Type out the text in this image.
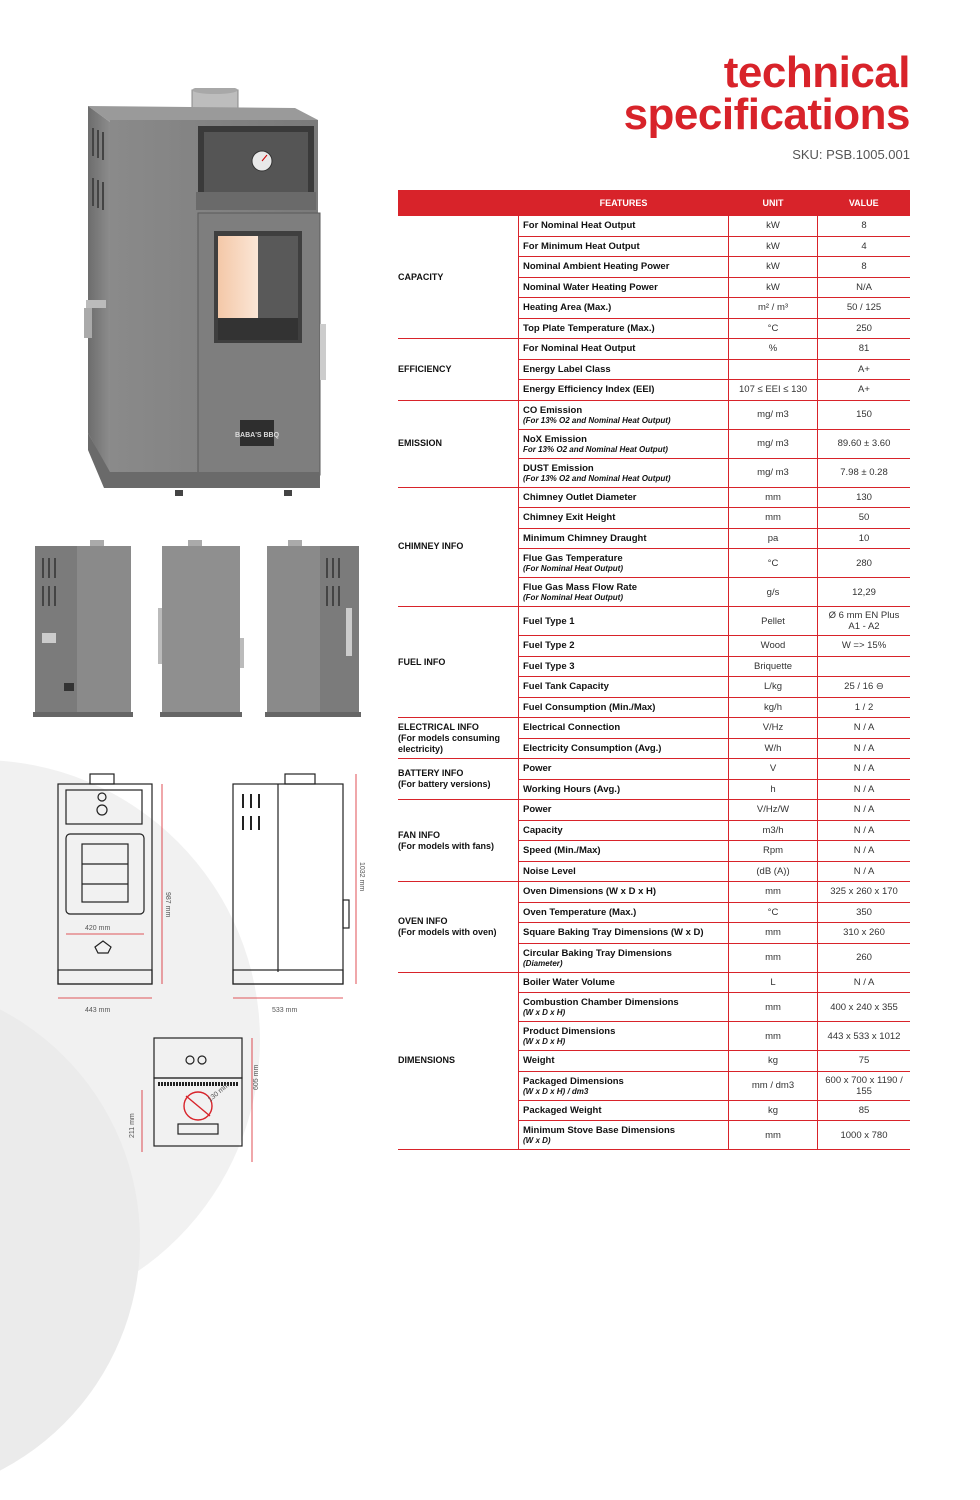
technical
specifications
SKU: PSB.1005.001
BABA'S BBQ
987 mm
420 mm
443 mm
1032 mm
533 mm
605 mm
211 mm
130 mm
	FEATURES	UNIT	VALUE
CAPACITY	For Nominal Heat Output	kW	8
	For Minimum Heat Output	kW	4
	Nominal Ambient Heating Power	kW	8
	Nominal Water Heating Power	kW	N/A
	Heating Area (Max.)	m² / m³	50 / 125
	Top Plate Temperature (Max.)	°C	250
EFFICIENCY	For Nominal Heat Output	%	81
	Energy Label Class		A+
	Energy Efficiency Index (EEI)	107 ≤ EEI ≤ 130	A+
EMISSION	CO Emission
(For 13% O2 and Nominal Heat Output)	mg/ m3	150
	NoX Emission
For 13% O2 and Nominal Heat Output)	mg/ m3	89.60 ± 3.60
	DUST Emission
(For 13% O2 and Nominal Heat Output)	mg/ m3	7.98 ± 0.28
CHIMNEY INFO	Chimney Outlet Diameter	mm	130
	Chimney Exit Height	mm	50
	Minimum Chimney Draught	pa	10
	Flue Gas Temperature
(For Nominal Heat Output)	°C	280
	Flue Gas Mass Flow Rate
(For Nominal Heat Output)	g/s	12,29
FUEL INFO	Fuel Type 1	Pellet	Ø 6 mm EN Plus A1 - A2
	Fuel Type 2	Wood	W => 15%
	Fuel Type 3	Briquette	
	Fuel Tank Capacity	L/kg	25 / 16 ⊖
	Fuel Consumption (Min./Max)	kg/h	1 / 2
ELECTRICAL INFO
(For models consuming electricity)	Electrical Connection	V/Hz	N / A
	Electricity Consumption (Avg.)	W/h	N / A
BATTERY INFO
(For battery versions)	Power	V	N / A
	Working Hours (Avg.)	h	N / A
FAN INFO
(For models with fans)	Power	V/Hz/W	N / A
	Capacity	m3/h	N / A
	Speed (Min./Max)	Rpm	N / A
	Noise Level	(dB (A))	N / A
OVEN INFO
(For models with oven)	Oven Dimensions (W x D x H)	mm	325 x 260 x 170
	Oven Temperature (Max.)	°C	350
	Square Baking Tray Dimensions (W x D)	mm	310 x 260
	Circular Baking Tray Dimensions
(Diameter)	mm	260
DIMENSIONS	Boiler Water Volume	L	N / A
	Combustion Chamber Dimensions
(W x D x H)	mm	400 x 240 x 355
	Product Dimensions
(W x D x H)	mm	443 x 533 x 1012
	Weight	kg	75
	Packaged Dimensions
(W x D x H) / dm3	mm / dm3	600 x 700 x 1190 / 155
	Packaged Weight	kg	85
	Minimum Stove Base Dimensions
(W x D)	mm	1000 x 780
